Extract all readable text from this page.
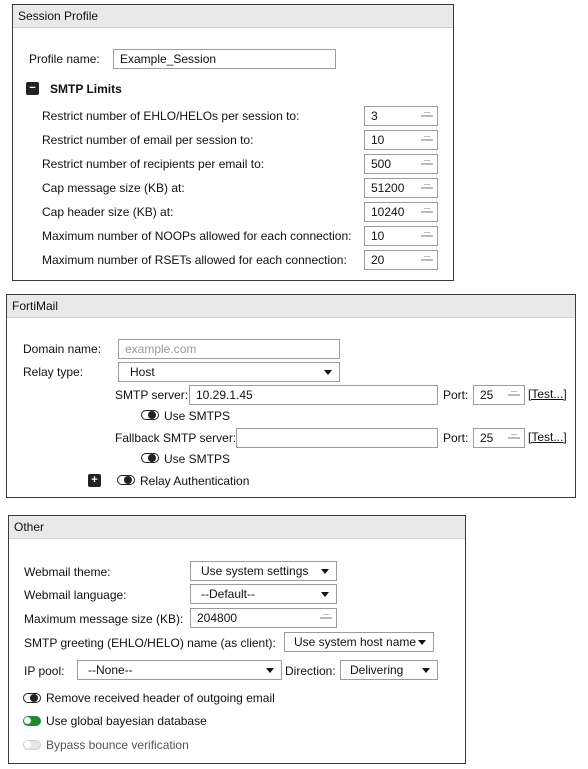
Session Profile
Profile name:	Example_Session
− SMTP Limits
Restrict number of EHLO/HELOs per session to:	3
Restrict number of email per session to:	10
Restrict number of recipients per email to:	500
Cap message size (KB) at:	51200
Cap header size (KB) at:	10240
Maximum number of NOOPs allowed for each connection:	10
Maximum number of RSETs allowed for each connection:	20
FortiMail
Domain name:	example.com
Relay type:	Host
SMTP server: 10.29.1.45	Port: 25	[Test...]
Use SMTPS
Fallback SMTP server:	Port: 25	[Test...]
Use SMTPS
+	Relay Authentication
Other
Webmail theme:	Use system settings
Webmail language:	--Default--
Maximum message size (KB):	204800
SMTP greeting (EHLO/HELO) name (as client):	Use system host name
IP pool:	--None--	Direction:	Delivering
Remove received header of outgoing email
Use global bayesian database
Bypass bounce verification
